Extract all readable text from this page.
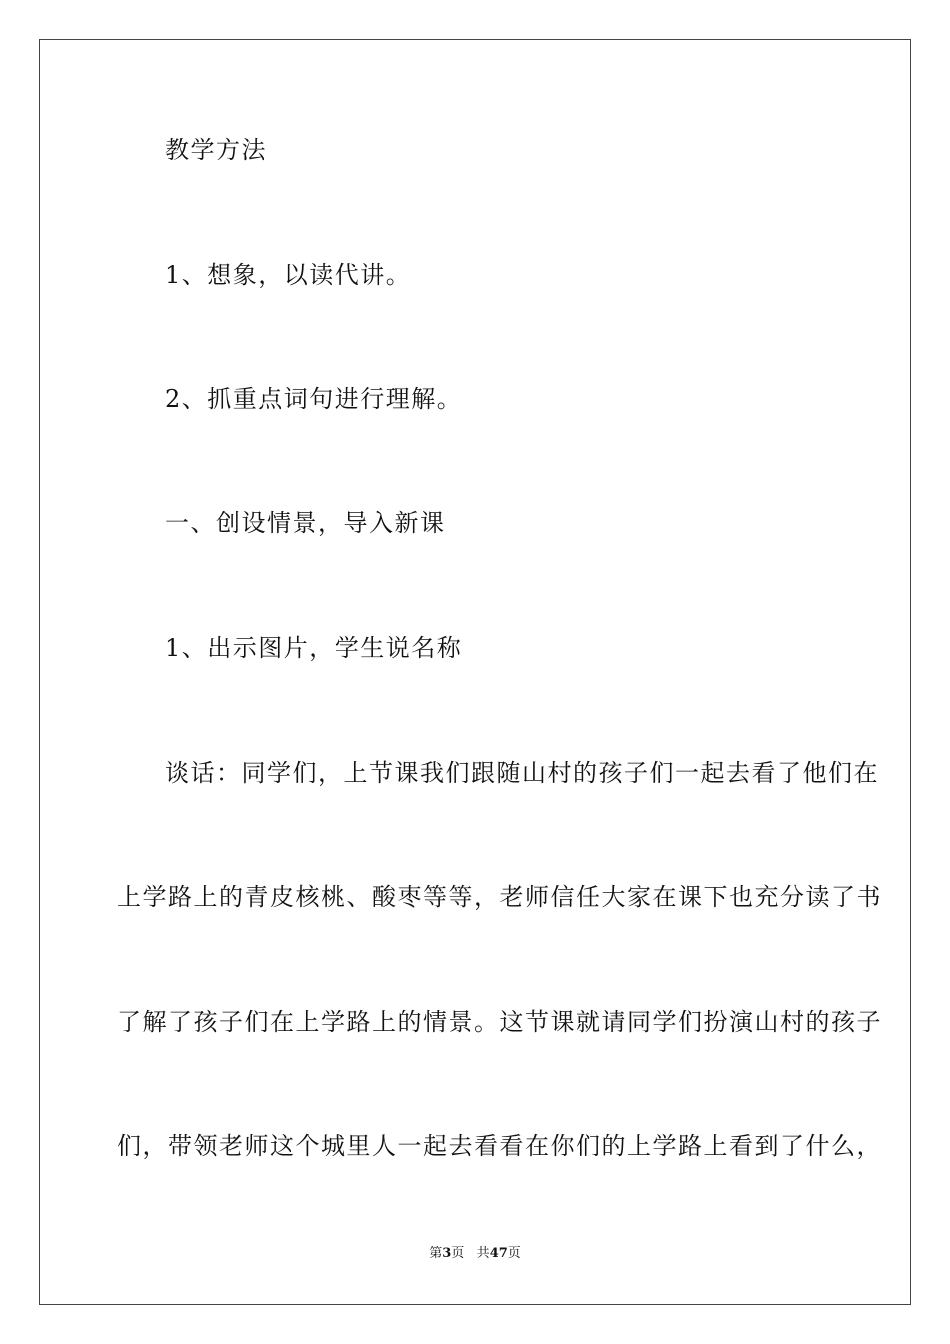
教学方法
1、想象，以读代讲。
2、抓重点词句进行理解。
一、创设情景，导入新课
1、出示图片，学生说名称
谈话：同学们，上节课我们跟随山村的孩子们一起去看了他们在
上学路上的青皮核桃、酸枣等等，老师信任大家在课下也充分读了书
了解了孩子们在上学路上的情景。这节课就请同学们扮演山村的孩子
们，带领老师这个城里人一起去看看在你们的上学路上看到了什么，
第3页 共47页
